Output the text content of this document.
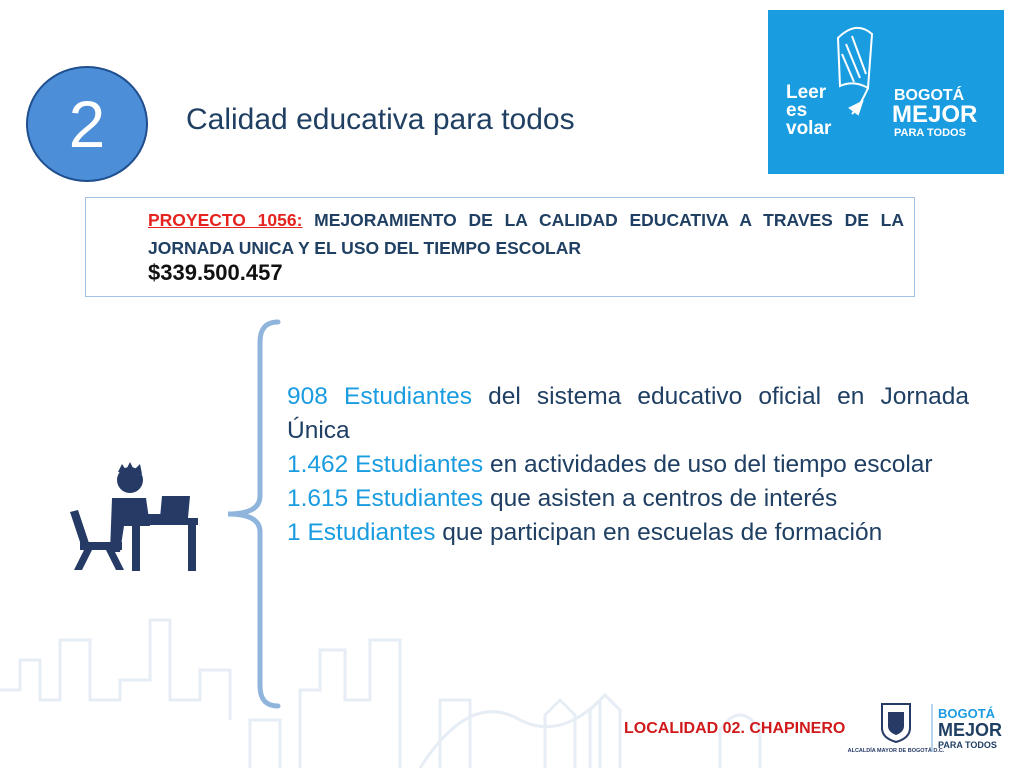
2	Calidad educativa para todos
Leer
es
volar
BOGOTÁ
MEJOR
PARA TODOS
PROYECTO 1056: MEJORAMIENTO DE LA CALIDAD EDUCATIVA A TRAVES DE LA JORNADA UNICA Y EL USO DEL TIEMPO ESCOLAR
$339.500.457

908 Estudiantes del sistema educativo oficial en Jornada Única

1.462 Estudiantes en actividades de uso del tiempo escolar

1.615 Estudiantes que asisten a centros de interés

1 Estudiantes que participan en escuelas de formación

LOCALIDAD 02. CHAPINERO
ALCALDÍA MAYOR DE BOGOTÁ D.C.
BOGOTÁ
MEJOR
PARA TODOS
